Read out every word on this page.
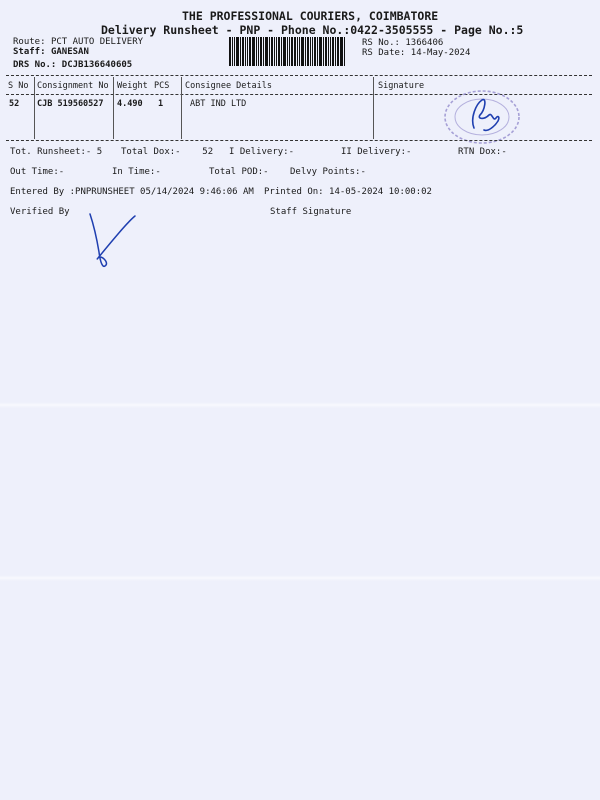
THE PROFESSIONAL COURIERS, COIMBATORE
Delivery Runsheet - PNP - Phone No.:0422-3505555 - Page No.:5
Route: PCT AUTO DELIVERY
Staff: GANESAN
DRS No.: DCJB136640605
RS No.: 1366406
RS Date: 14-May-2024
S No Consignment No Weight PCS Consignee Details	Signature
52 CJB 519560527 4.490 1	ABT IND LTD
Tot. Runsheet:- 5 Total Dox:- 52 I Delivery:-	II Delivery:-	RTN Dox:-
Out Time:-	In Time:-	Total POD:- Delvy Points:-
Entered By :PNPRUNSHEET 05/14/2024 9:46:06 AM Printed On: 14-05-2024 10:00:02
Verified By	Staff Signature
